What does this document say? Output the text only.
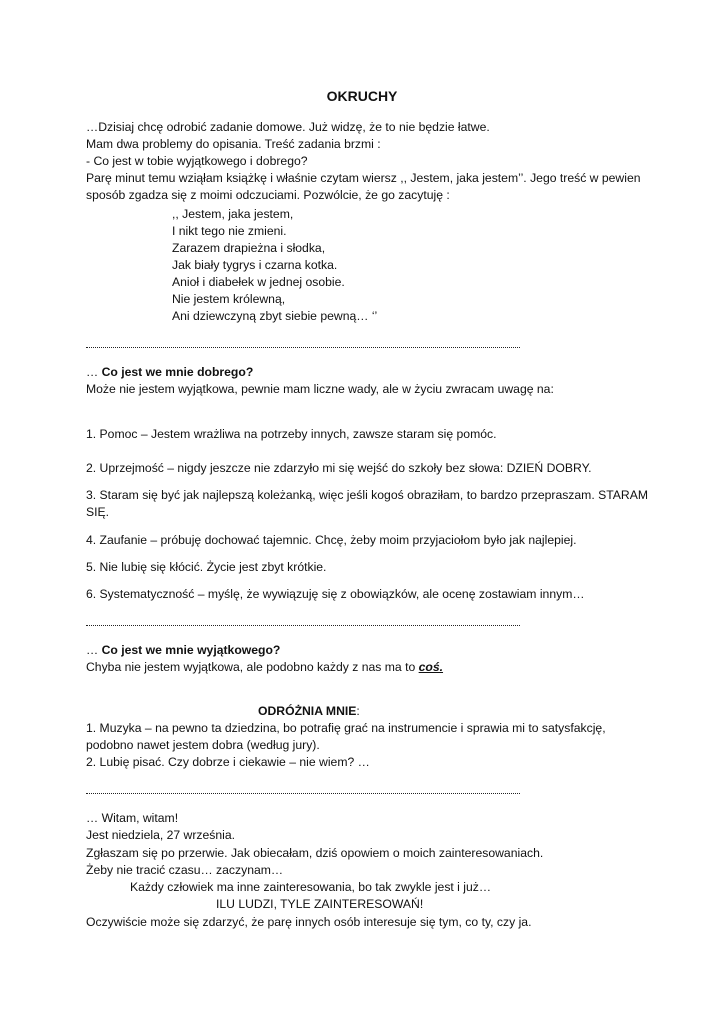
OKRUCHY
…Dzisiaj chcę odrobić zadanie domowe. Już widzę, że to nie będzie łatwe.
Mam dwa problemy do opisania. Treść zadania brzmi :
- Co jest w tobie wyjątkowego i dobrego?
Parę minut temu wziąłam książkę i właśnie czytam wiersz ,, Jestem, jaka jestem’’. Jego treść w pewien
sposób zgadza się z moimi odczuciami. Pozwólcie, że go zacytuję :
,, Jestem, jaka jestem,
I nikt tego nie zmieni.
Zarazem drapieżna i słodka,
Jak biały tygrys i czarna kotka.
Anioł i diabełek w jednej osobie.
Nie jestem królewną,
Ani dziewczyną zbyt siebie pewną… ‘’
… Co jest we mnie dobrego?
Może nie jestem wyjątkowa, pewnie mam liczne wady, ale w życiu zwracam uwagę na:
1. Pomoc – Jestem wrażliwa na potrzeby innych, zawsze staram się pomóc.
2. Uprzejmość – nigdy jeszcze nie zdarzyło mi się wejść do szkoły bez słowa: DZIEŃ DOBRY.
3. Staram się być jak najlepszą koleżanką, więc jeśli kogoś obraziłam, to bardzo przepraszam. STARAM
SIĘ.
4. Zaufanie – próbuję dochować tajemnic. Chcę, żeby moim przyjaciołom było jak najlepiej.
5. Nie lubię się kłócić. Życie jest zbyt krótkie.
6. Systematyczność – myślę, że wywiązuję się z obowiązków, ale ocenę zostawiam innym…
… Co jest we mnie wyjątkowego?
Chyba nie jestem wyjątkowa, ale podobno każdy z nas ma to coś.
ODRÓŻNIA MNIE:
1. Muzyka – na pewno ta dziedzina, bo potrafię grać na instrumencie i sprawia mi to satysfakcję,
podobno nawet jestem dobra (według jury).
2. Lubię pisać. Czy dobrze i ciekawie – nie wiem? …
… Witam, witam!
Jest niedziela, 27 września.
Zgłaszam się po przerwie. Jak obiecałam, dziś opowiem o moich zainteresowaniach.
Żeby nie tracić czasu… zaczynam…
Każdy człowiek ma inne zainteresowania, bo tak zwykle jest i już…
ILU LUDZI, TYLE ZAINTERESOWAŃ!
Oczywiście może się zdarzyć, że parę innych osób interesuje się tym, co ty, czy ja.
